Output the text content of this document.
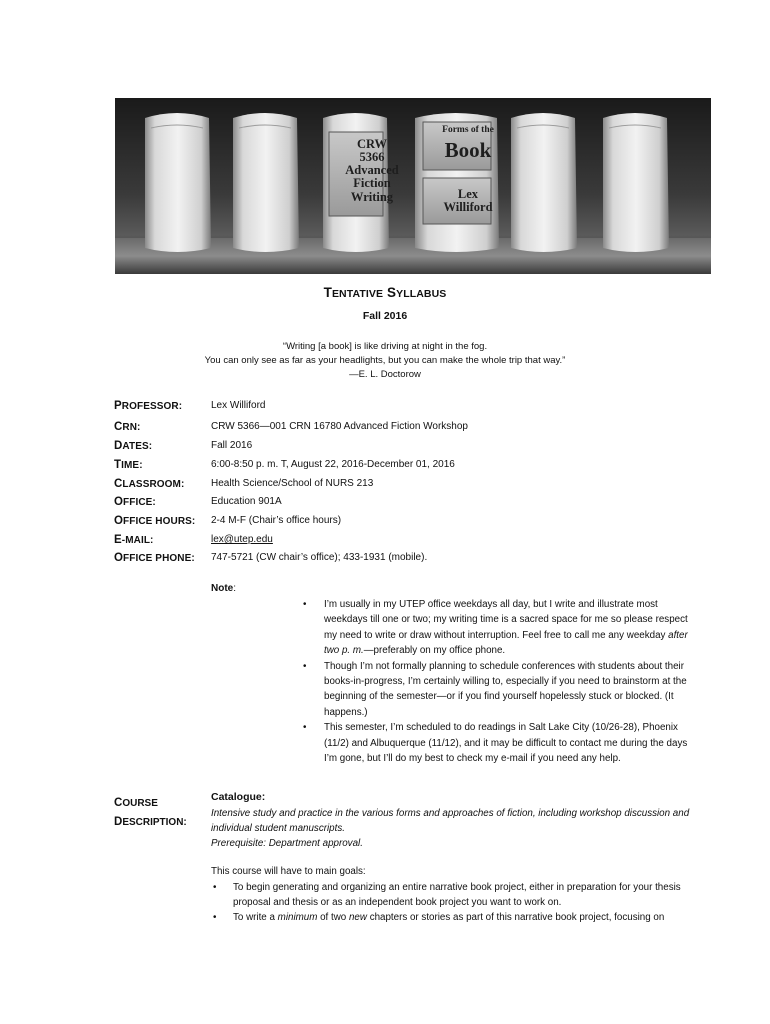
CRW
5366
Advanced
Fiction
Writing
Forms of the
Book
Lex
Williford
TENTATIVE SYLLABUS
Fall 2016
“Writing [a book] is like driving at night in the fog.
You can only see as far as your headlights, but you can make the whole trip that way.”
—E. L. Doctorow
PROFESSOR:	Lex Williford
CRN:	CRW 5366—001 CRN 16780 Advanced Fiction Workshop
DATES:	Fall 2016
TIME:	6:00-8:50 p. m. T, August 22, 2016-December 01, 2016
CLASSROOM:	Health Science/School of NURS 213
OFFICE:	Education 901A
OFFICE HOURS: 2-4 M-F (Chair’s office hours)
E-MAIL:	lex@utep.edu
OFFICE PHONE: 747-5721 (CW chair’s office); 433-1931 (mobile).
Note:
• I’m usually in my UTEP office weekdays all day, but I write and illustrate most weekdays till one or two; my writing time is a sacred space for me so please respect my need to write or draw without interruption. Feel free to call me any weekday after two p. m.—preferably on my office phone.
• Though I’m not formally planning to schedule conferences with students about their books-in-progress, I’m certainly willing to, especially if you need to brainstorm at the beginning of the semester—or if you find yourself hopelessly stuck or blocked. (It happens.)
• This semester, I’m scheduled to do readings in Salt Lake City (10/26-28), Phoenix (11/2) and Albuquerque (11/12), and it may be difficult to contact me during the days I’m gone, but I’ll do my best to check my e-mail if you need any help.
COURSE
DESCRIPTION:
Catalogue:
Intensive study and practice in the various forms and approaches of fiction, including workshop discussion and individual student manuscripts.
Prerequisite: Department approval.
This course will have to main goals:
• To begin generating and organizing an entire narrative book project, either in preparation for your thesis proposal and thesis or as an independent book project you want to work on.
• To write a minimum of two new chapters or stories as part of this narrative book project, focusing on
